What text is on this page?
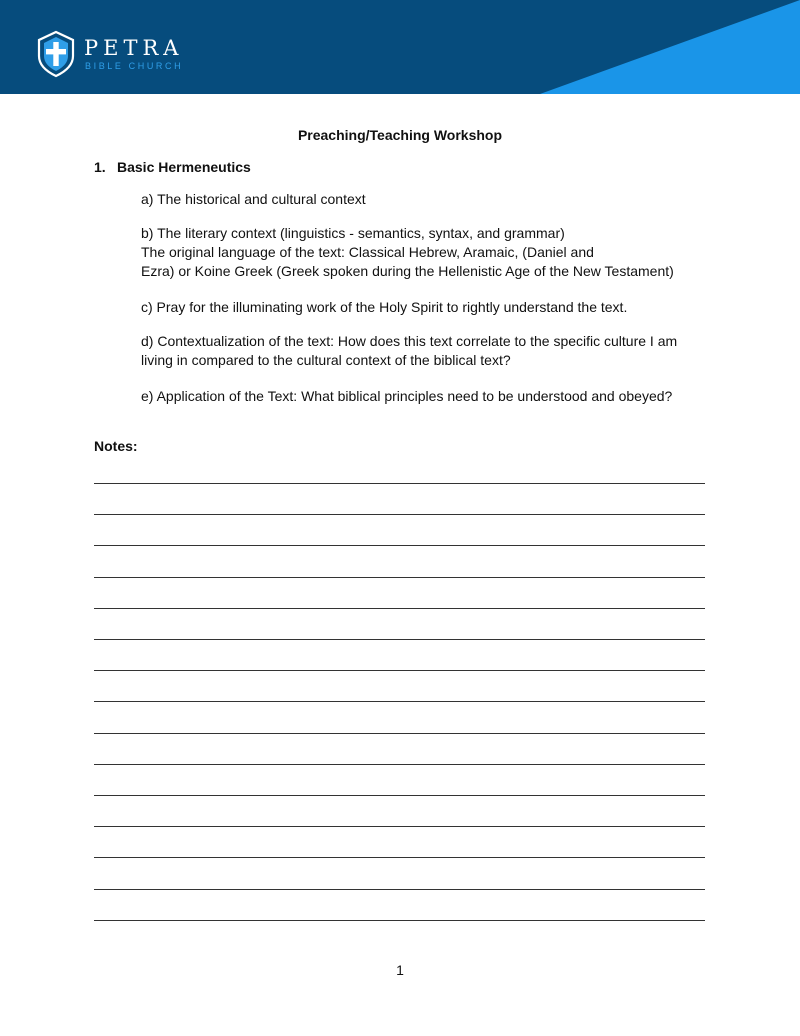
PETRA
BIBLE CHURCH
Preaching/Teaching Workshop
1. Basic Hermeneutics
a) The historical and cultural context
b) The literary context (linguistics - semantics, syntax, and grammar)
The original language of the text: Classical Hebrew, Aramaic, (Daniel and
Ezra) or Koine Greek (Greek spoken during the Hellenistic Age of the New Testament)
c) Pray for the illuminating work of the Holy Spirit to rightly understand the text.
d) Contextualization of the text: How does this text correlate to the specific culture I am
living in compared to the cultural context of the biblical text?
e) Application of the Text: What biblical principles need to be understood and obeyed?
Notes:
1
